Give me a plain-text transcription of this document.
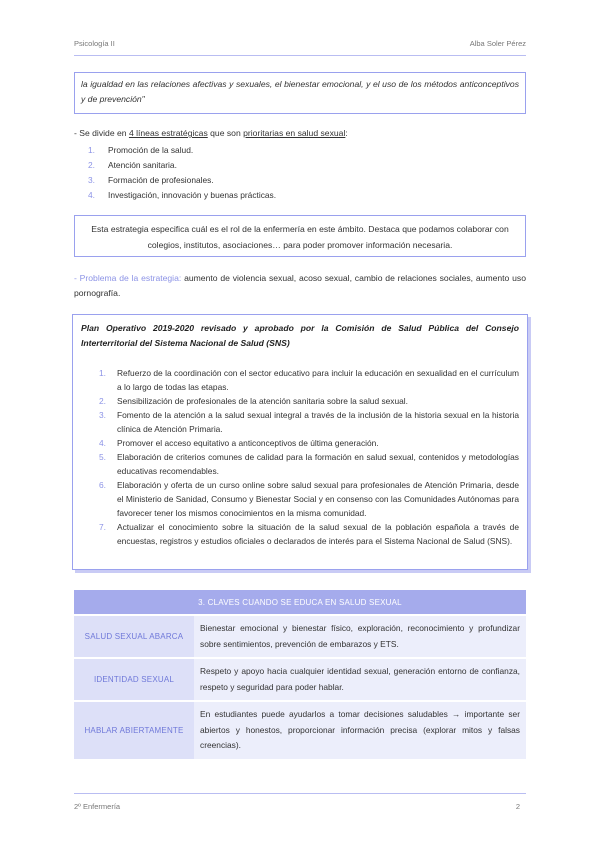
Psicología II	Alba Soler Pérez
la igualdad en las relaciones afectivas y sexuales, el bienestar emocional, y el uso de los métodos anticonceptivos y de prevención"
- Se divide en 4 líneas estratégicas que son prioritarias en salud sexual:
1. Promoción de la salud.
2. Atención sanitaria.
3. Formación de profesionales.
4. Investigación, innovación y buenas prácticas.
Esta estrategia especifica cuál es el rol de la enfermería en este ámbito. Destaca que podamos colaborar con colegios, institutos, asociaciones… para poder promover información necesaria.
- Problema de la estrategia: aumento de violencia sexual, acoso sexual, cambio de relaciones sociales, aumento uso pornografía.
Plan Operativo 2019-2020 revisado y aprobado por la Comisión de Salud Pública del Consejo Interterritorial del Sistema Nacional de Salud (SNS)
1. Refuerzo de la coordinación con el sector educativo para incluir la educación en sexualidad en el currículum a lo largo de todas las etapas.
2. Sensibilización de profesionales de la atención sanitaria sobre la salud sexual.
3. Fomento de la atención a la salud sexual integral a través de la inclusión de la historia sexual en la historia clínica de Atención Primaria.
4. Promover el acceso equitativo a anticonceptivos de última generación.
5. Elaboración de criterios comunes de calidad para la formación en salud sexual, contenidos y metodologías educativas recomendables.
6. Elaboración y oferta de un curso online sobre salud sexual para profesionales de Atención Primaria, desde el Ministerio de Sanidad, Consumo y Bienestar Social y en consenso con las Comunidades Autónomas para favorecer tener los mismos conocimientos en la misma comunidad.
7. Actualizar el conocimiento sobre la situación de la salud sexual de la población española a través de encuestas, registros y estudios oficiales o declarados de interés para el Sistema Nacional de Salud (SNS).
3. CLAVES CUANDO SE EDUCA EN SALUD SEXUAL	
SALUD SEXUAL ABARCA	Bienestar emocional y bienestar físico, exploración, reconocimiento y profundizar sobre sentimientos, prevención de embarazos y ETS.
IDENTIDAD SEXUAL	Respeto y apoyo hacia cualquier identidad sexual, generación entorno de confianza, respeto y seguridad para poder hablar.
HABLAR ABIERTAMENTE	En estudiantes puede ayudarlos a tomar decisiones saludables → importante ser abiertos y honestos, proporcionar información precisa (explorar mitos y falsas creencias).
2º Enfermería	2
